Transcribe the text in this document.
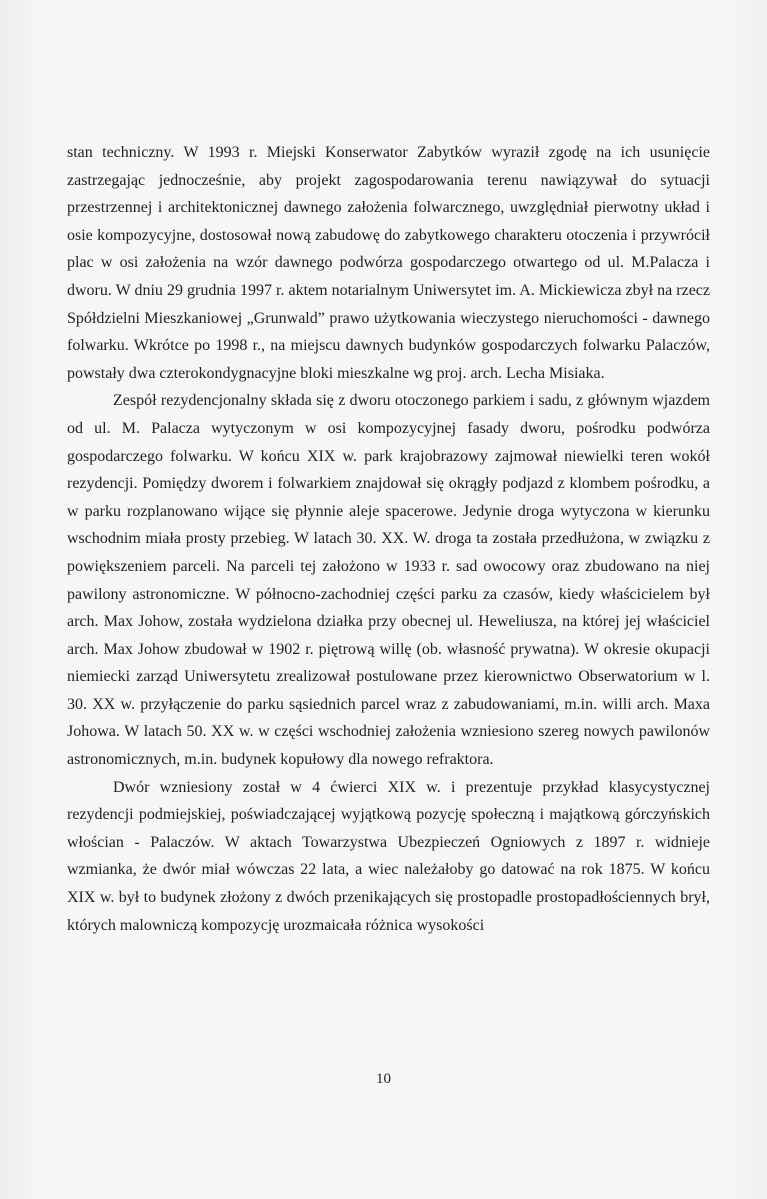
stan techniczny. W 1993 r. Miejski Konserwator Zabytków wyraził zgodę na ich usunięcie zastrzegając jednocześnie, aby projekt zagospodarowania terenu nawiązywał do sytuacji przestrzennej i architektonicznej dawnego założenia folwarcznego, uwzględniał pierwotny układ i osie kompozycyjne, dostosował nową zabudowę do zabytkowego charakteru otoczenia i przywrócił plac w osi założenia na wzór dawnego podwórza gospodarczego otwartego od ul. M.Palacza i dworu. W dniu 29 grudnia 1997 r. aktem notarialnym Uniwersytet im. A. Mickiewicza zbył na rzecz Spółdzielni Mieszkaniowej „Grunwald” prawo użytkowania wieczystego nieruchomości - dawnego folwarku. Wkrótce po 1998 r., na miejscu dawnych budynków gospodarczych folwarku Palaczów, powstały dwa czterokondygnacyjne bloki mieszkalne wg proj. arch. Lecha Misiaka.

Zespół rezydencjonalny składa się z dworu otoczonego parkiem i sadu, z głównym wjazdem od ul. M. Palacza wytyczonym w osi kompozycyjnej fasady dworu, pośrodku podwórza gospodarczego folwarku. W końcu XIX w. park krajobrazowy zajmował niewielki teren wokół rezydencji. Pomiędzy dworem i folwarkiem znajdował się okrągły podjazd z klombem pośrodku, a w parku rozplanowano wijące się płynnie aleje spacerowe. Jedynie droga wytyczona w kierunku wschodnim miała prosty przebieg. W latach 30. XX. W. droga ta została przedłużona, w związku z powiększeniem parceli. Na parceli tej założono w 1933 r. sad owocowy oraz zbudowano na niej pawilony astronomiczne. W północno-zachodniej części parku za czasów, kiedy właścicielem był arch. Max Johow, została wydzielona działka przy obecnej ul. Heweliusza, na której jej właściciel arch. Max Johow zbudował w 1902 r. piętrową willę (ob. własność prywatna). W okresie okupacji niemiecki zarząd Uniwersytetu zrealizował postulowane przez kierownictwo Obserwatorium w l. 30. XX w. przyłączenie do parku sąsiednich parcel wraz z zabudowaniami, m.in. willi arch. Maxa Johowa. W latach 50. XX w. w części wschodniej założenia wzniesiono szereg nowych pawilonów astronomicznych, m.in. budynek kopułowy dla nowego refraktora.

Dwór wzniesiony został w 4 ćwierci XIX w. i prezentuje przykład klasycystycznej rezydencji podmiejskiej, poświadczającej wyjątkową pozycję społeczną i majątkową górczyńskich włościan - Palaczów. W aktach Towarzystwa Ubezpieczeń Ogniowych z 1897 r. widnieje wzmianka, że dwór miał wówczas 22 lata, a wiec należałoby go datować na rok 1875. W końcu XIX w. był to budynek złożony z dwóch przenikających się prostopadle prostopadłościennych brył, których malowniczą kompozycję urozmaicała różnica wysokości

10
